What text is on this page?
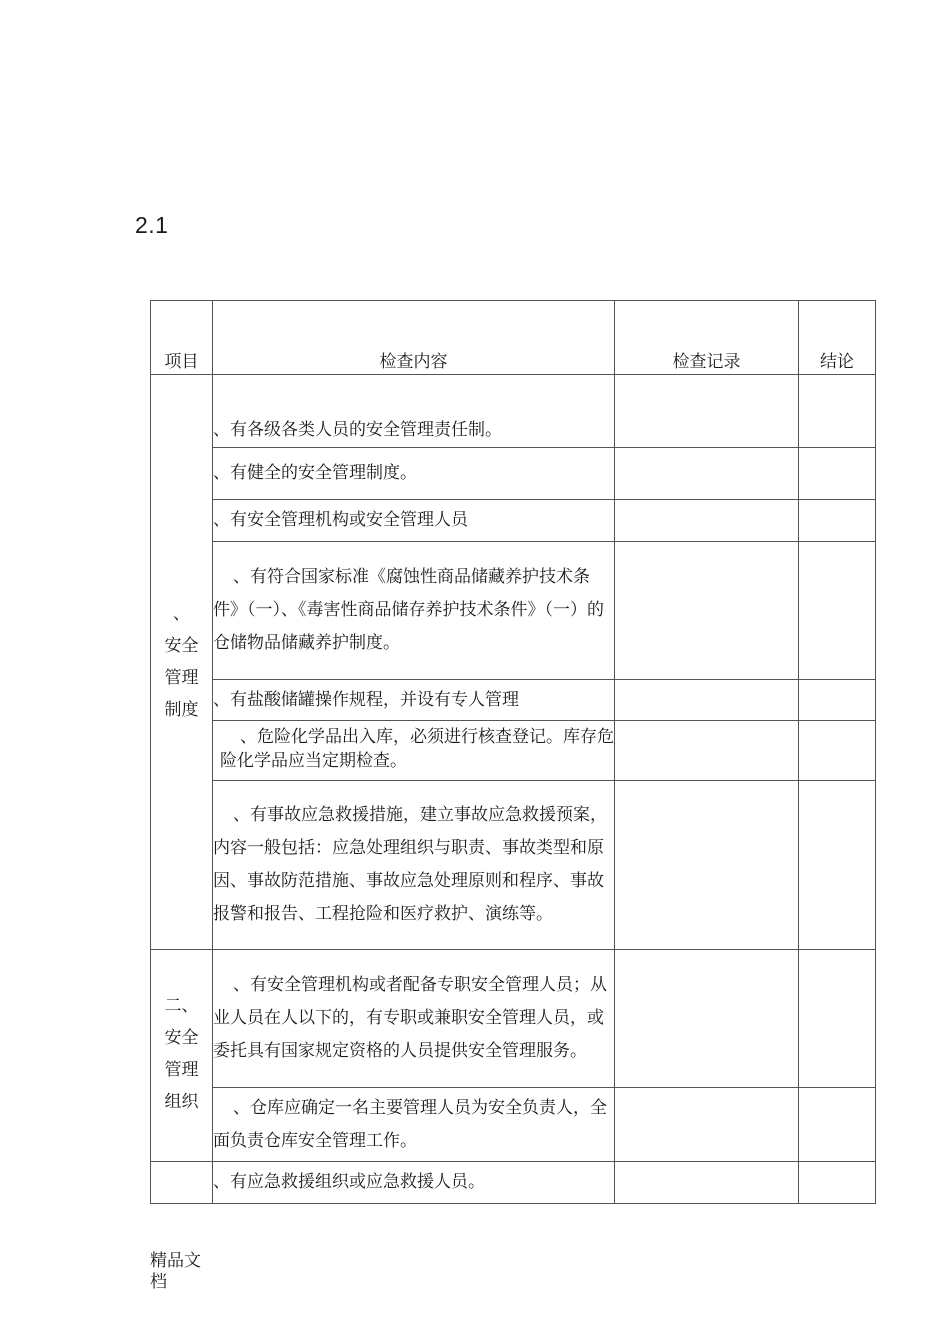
2.1
项目	检查内容	检查记录	结论

、
安全
管理
制度	、有各级各类人员的安全管理责任制。		
	、有健全的安全管理制度。		
	、有安全管理机构或安全管理人员		
	、有符合国家标准《腐蚀性商品储藏养护技术条件》（一）、《毒害性商品储存养护技术条件》（一）的仓储物品储藏养护制度。		
	、有盐酸储罐操作规程，并设有专人管理		
	、危险化学品出入库，必须进行核查登记。库存危险化学品应当定期检查。		
	、有事故应急救援措施，建立事故应急救援预案，内容一般包括：应急处理组织与职责、事故类型和原因、事故防范措施、事故应急处理原则和程序、事故报警和报告、工程抢险和医疗救护、演练等。		

二、
安全
管理
组织	、有安全管理机构或者配备专职安全管理人员；从业人员在人以下的，有专职或兼职安全管理人员，或委托具有国家规定资格的人员提供安全管理服务。		
	、仓库应确定一名主要管理人员为安全负责人，全面负责仓库安全管理工作。		
	、有应急救援组织或应急救援人员。		
精品文档
